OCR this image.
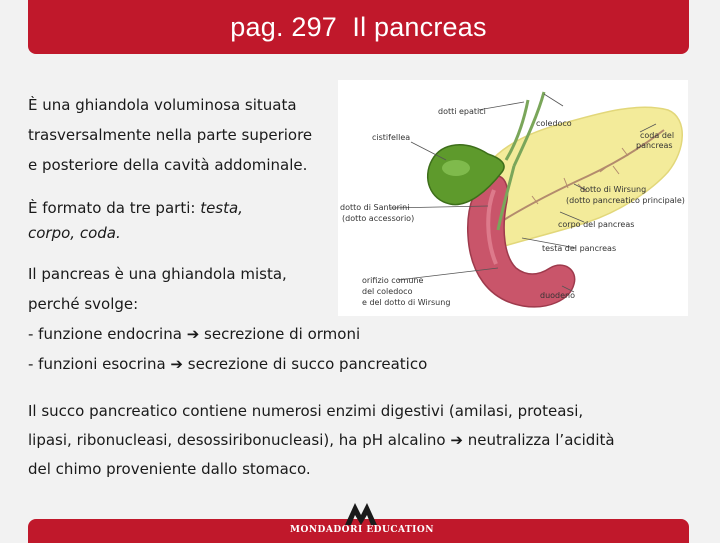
pag. 297  Il pancreas
È una ghiandola voluminosa situata
trasversalmente nella parte superiore
e posteriore della cavità addominale.
È formato da tre parti: testa,
corpo, coda.
Il pancreas è una ghiandola mista,
perché svolge:
- funzione endocrina ➔ secrezione di ormoni
- funzioni esocrina ➔ secrezione di succo pancreatico
Il succo pancreatico contiene numerosi enzimi digestivi (amilasi, proteasi,
lipasi, ribonucleasi, desossiribonucleasi), ha pH alcalino ➔ neutralizza l’acidità
del chimo proveniente dallo stomaco.
dotti epatici
coledoco
cistifellea	coda del
pancreas
dotto di Wirsung
(dotto pancreatico principale)
dotto di Santorini
(dotto accessorio)
corpo del pancreas
testa del pancreas
orifizio comune
del coledoco
e del dotto di Wirsung
duodeno
MONDADORI EDUCATION
